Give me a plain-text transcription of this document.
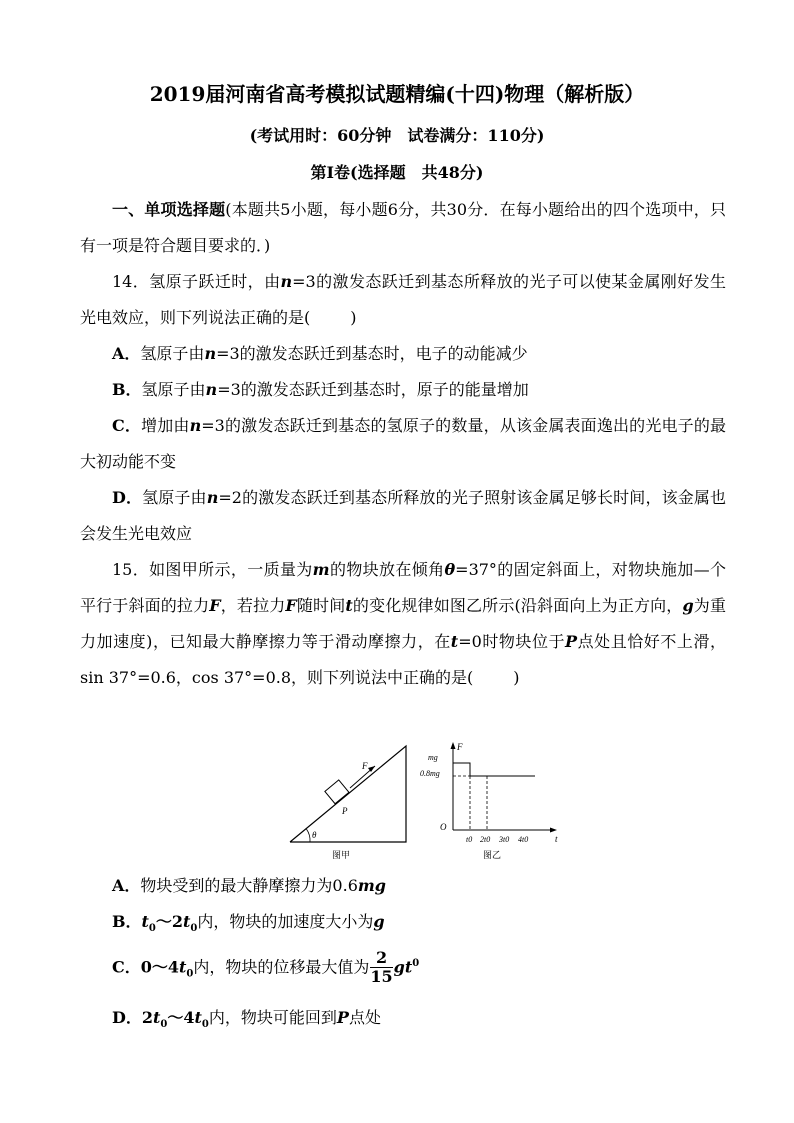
2019届河南省高考模拟试题精编(十四)物理（解析版）
(考试用时：60分钟　试卷满分：110分)
第Ⅰ卷(选择题 共48分)
一、单项选择题(本题共5小题，每小题6分，共30分．在每小题给出的四个选项中，只有一项是符合题目要求的．)
14．氢原子跃迁时，由n=3的激发态跃迁到基态所释放的光子可以使某金属刚好发生光电效应，则下列说法正确的是(	)
A．氢原子由n=3的激发态跃迁到基态时，电子的动能减少
B．氢原子由n=3的激发态跃迁到基态时，原子的能量增加
C．增加由n=3的激发态跃迁到基态的氢原子的数量，从该金属表面逸出的光电子的最大初动能不变
D．氢原子由n=2的激发态跃迁到基态所释放的光子照射该金属足够长时间，该金属也会发生光电效应
15．如图甲所示，一质量为m的物块放在倾角θ=37°的固定斜面上，对物块施加—个平行于斜面的拉力F，若拉力F随时间t的变化规律如图乙所示(沿斜面向上为正方向，g为重力加速度)，已知最大静摩擦力等于滑动摩擦力，在t=0时物块位于P点处且恰好不上滑，sin 37°=0.6，cos 37°=0.8，则下列说法中正确的是(	)
θ
F
P
图甲
F
t
O
mg
0.8mg
t0 2t0 3t0 4t0
图乙
A．物块受到的最大静摩擦力为0.6mg
B．$t_0\sim 2t_0$内，物块的加速度大小为g
C．$0\sim 4t_0$内，物块的位移最大值为 $\frac{2}{15} gt^0$
D．$2t_0\sim 4t_0$内，物块可能回到P点处
